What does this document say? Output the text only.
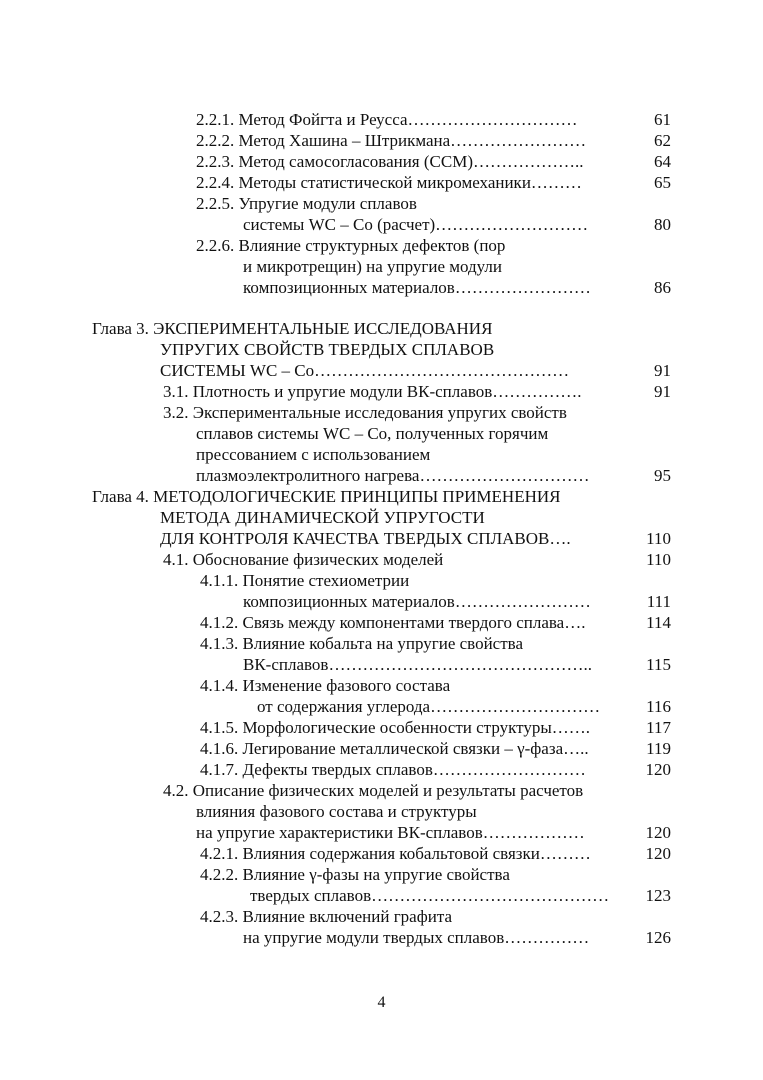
2.2.1. Метод Фойгта и Реусса…………………………	61
2.2.2. Метод Хашина – Штрикмана……………………	62
2.2.3. Метод самосогласования (ССМ)………………..	64
2.2.4. Методы статистической микромеханики………	65
2.2.5. Упругие модули сплавов
системы WC – Co (расчет)………………………	80
2.2.6. Влияние структурных дефектов (пор
и микротрещин) на упругие модули
композиционных материалов……………………	86
Глава 3. ЭКСПЕРИМЕНТАЛЬНЫЕ ИССЛЕДОВАНИЯ
УПРУГИХ СВОЙСТВ ТВЕРДЫХ СПЛАВОВ
СИСТЕМЫ WC – Co………………………………………	91
3.1. Плотность и упругие модули ВК-сплавов…………….	91
3.2. Экспериментальные исследования упругих свойств
сплавов системы WC – Co, полученных горячим
прессованием с использованием
плазмоэлектролитного нагрева…………………………	95
Глава 4. МЕТОДОЛОГИЧЕСКИЕ ПРИНЦИПЫ ПРИМЕНЕНИЯ
МЕТОДА ДИНАМИЧЕСКОЙ УПРУГОСТИ
ДЛЯ КОНТРОЛЯ КАЧЕСТВА ТВЕРДЫХ СПЛАВОВ….	110
4.1. Обоснование физических моделей	110
4.1.1. Понятие стехиометрии
композиционных материалов……………………	111
4.1.2. Связь между компонентами твердого сплава….	114
4.1.3. Влияние кобальта на упругие свойства
ВК-сплавов………………………………………..	115
4.1.4. Изменение фазового состава
от содержания углерода…………………………	116
4.1.5. Морфологические особенности структуры…….	117
4.1.6. Легирование металлической связки – γ-фаза…..	119
4.1.7. Дефекты твердых сплавов………………………	120
4.2. Описание физических моделей и результаты расчетов
влияния фазового состава и структуры
на упругие характеристики ВК-сплавов………………	120
4.2.1. Влияния содержания кобальтовой связки………	120
4.2.2. Влияние γ-фазы на упругие свойства
твердых сплавов…………………………………… 123
4.2.3. Влияние включений графита
на упругие модули твердых сплавов……………	126
4
